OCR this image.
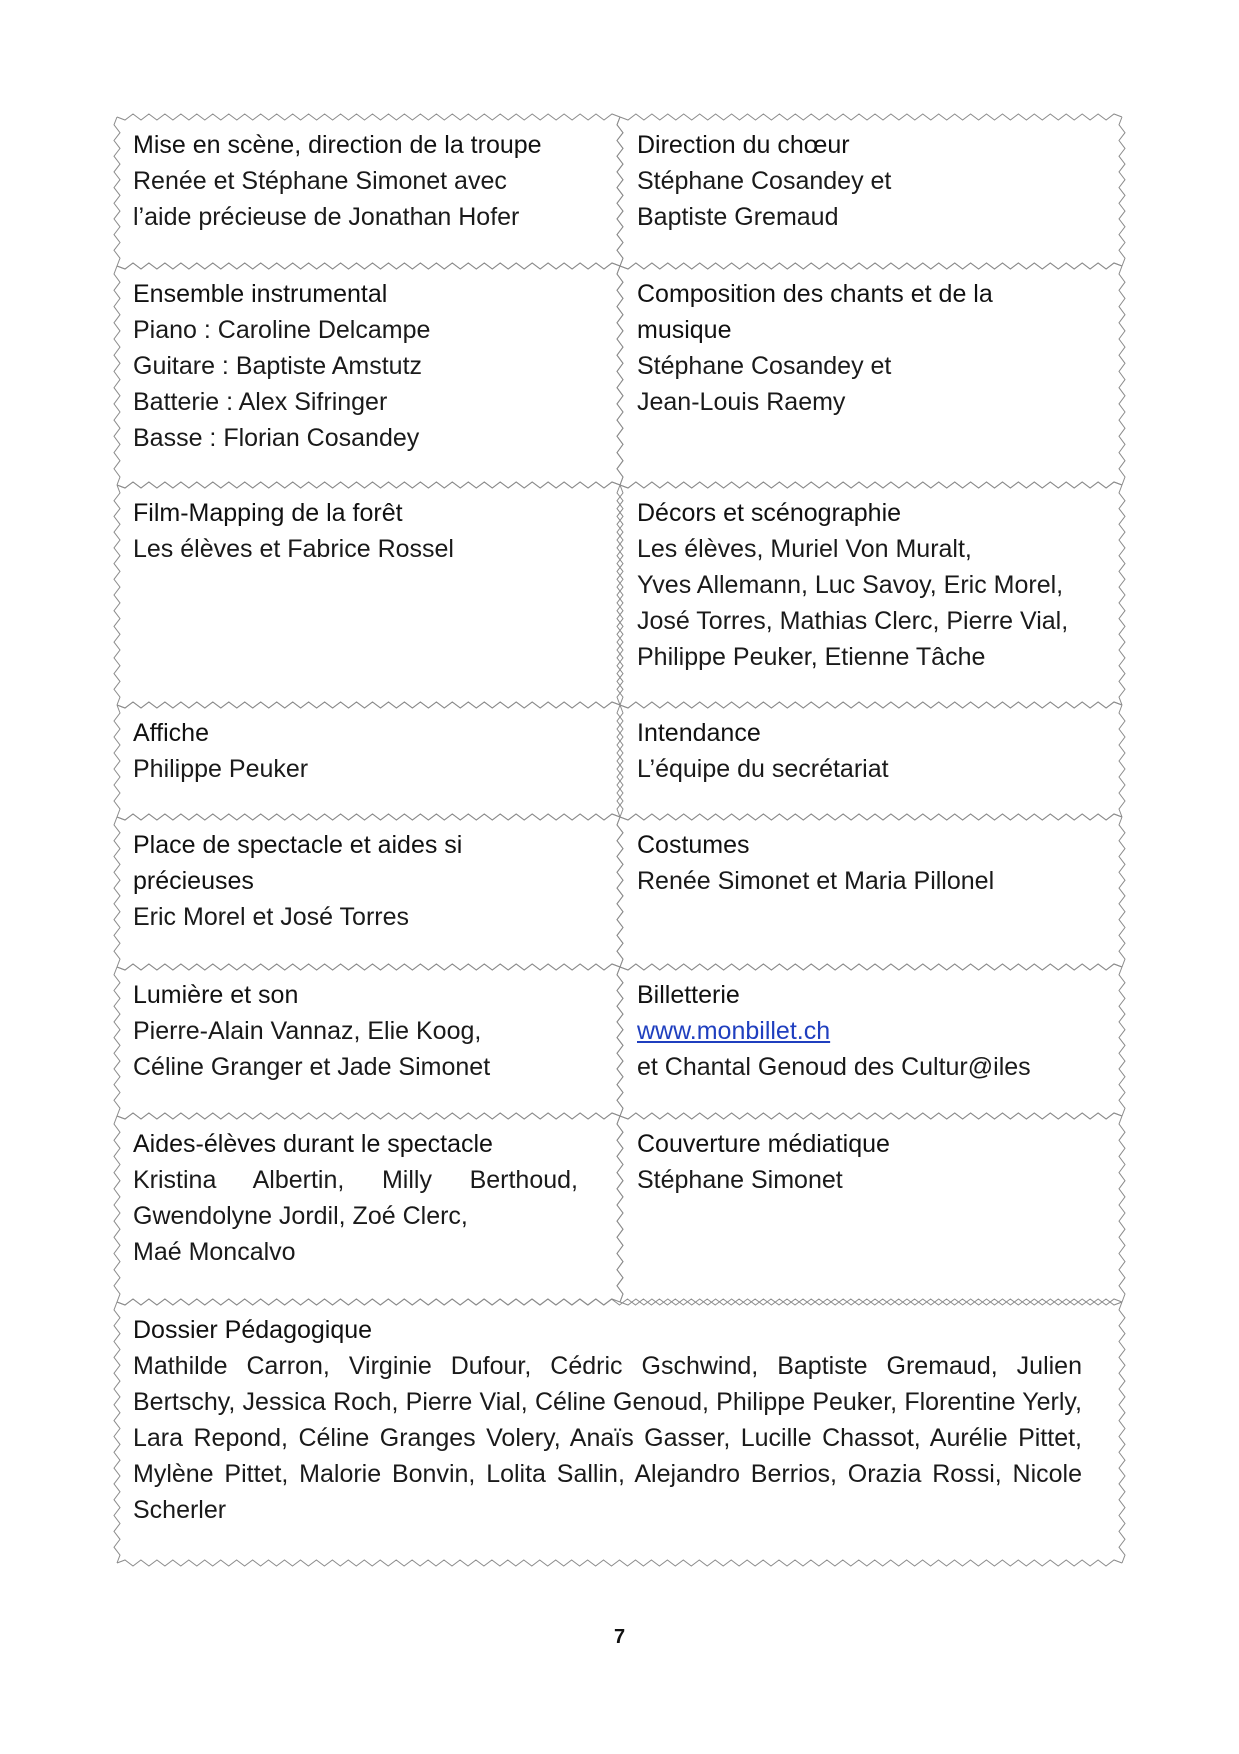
Mise en scène, direction de la troupe
Renée et Stéphane Simonet avec
l’aide précieuse de Jonathan Hofer
Direction du chœur
Stéphane Cosandey et
Baptiste Gremaud
Ensemble instrumental
Piano : Caroline Delcampe
Guitare : Baptiste Amstutz
Batterie : Alex Sifringer
Basse : Florian Cosandey
Composition des chants et de la musique
Stéphane Cosandey et
Jean-Louis Raemy
Film-Mapping de la forêt
Les élèves et Fabrice Rossel
Décors et scénographie
Les élèves, Muriel Von Muralt,
Yves Allemann, Luc Savoy, Eric Morel,
José Torres, Mathias Clerc, Pierre Vial,
Philippe Peuker, Etienne Tâche
Affiche
Philippe Peuker
Intendance
L’équipe du secrétariat
Place de spectacle et aides si précieuses
Eric Morel et José Torres
Costumes
Renée Simonet et Maria Pillonel
Lumière et son
Pierre-Alain Vannaz, Elie Koog,
Céline Granger et Jade Simonet
Billetterie
www.monbillet.ch
et Chantal Genoud des Cultur@iles
Aides-élèves durant le spectacle
Kristina Albertin, Milly Berthoud, Gwendolyne Jordil, Zoé Clerc,
Maé Moncalvo
Couverture médiatique
Stéphane Simonet
Dossier Pédagogique
Mathilde Carron, Virginie Dufour, Cédric Gschwind, Baptiste Gremaud, Julien Bertschy, Jessica Roch, Pierre Vial, Céline Genoud, Philippe Peuker, Florentine Yerly, Lara Repond, Céline Granges Volery, Anaïs Gasser, Lucille Chassot, Aurélie Pittet, Mylène Pittet, Malorie Bonvin, Lolita Sallin, Alejandro Berrios, Orazia Rossi, Nicole Scherler
7
